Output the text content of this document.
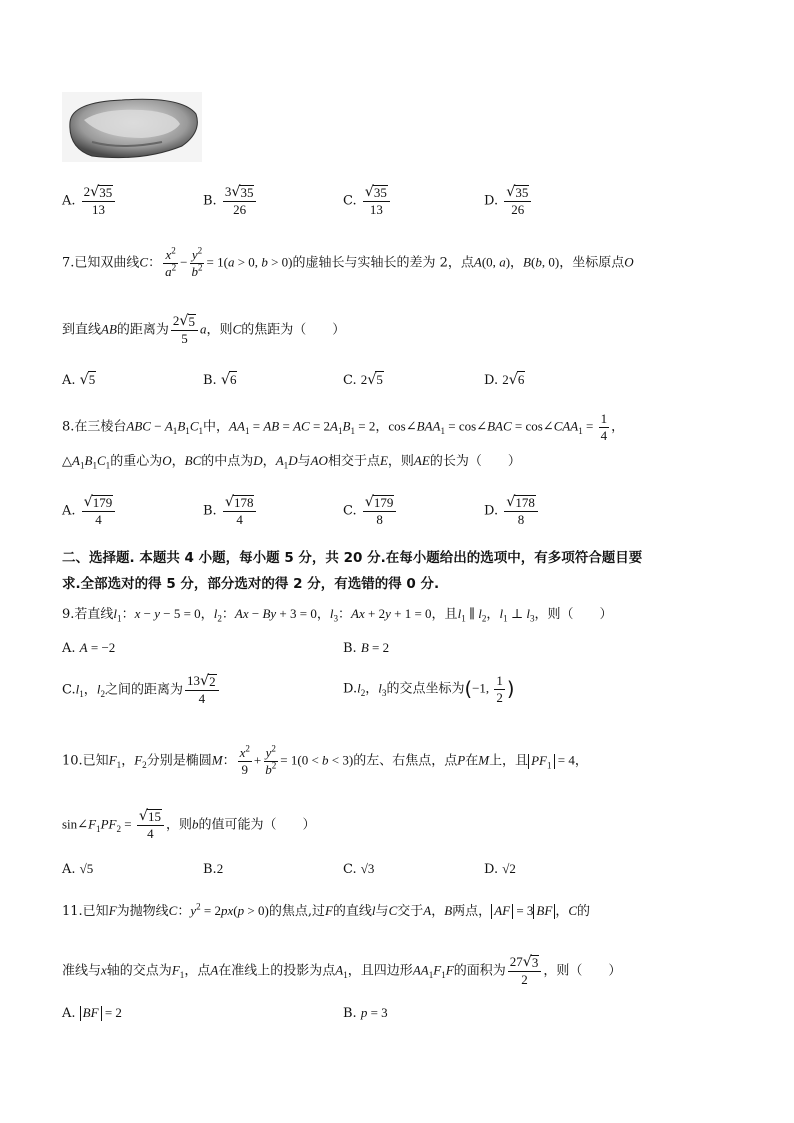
A. $\frac{2 √ 35}{13}$	B. $\frac{3 √ 35}{26}$	C. $\frac{√ 35}{13}$	D. $\frac{√ 35}{26}$
7.已知双曲线C： $\frac{x^2}{a^2} - \frac{y^2}{b^2} = 1(a > 0$, b > 0)的虚轴长与实轴长的差为 2，点A(0, a)，B(b, 0)，坐标原点O
到直线AB的距离为 $\frac{2 √ 5}{5}$ a，则C的焦距为（　　）
A. √ 5	B. √ 6	C. 2 √ 5	D. 2 √ 6
8.在三棱台ABC − $A_1B_1C_1$中，$AA_1$ = AB = AC = $2A_1B_1 = 2$，$\cos\angle BAA_1$ = cos∠BAC = $\cos\angle CAA_1 = \frac{1}{4}$ ，
$\triangle A_1B_1C_1$的重心为O，BC的中点为D，$A_1D$与AO相交于点E，则AE的长为（　　）
A. $\frac{√ 179}{4}$	B. $\frac{√ 178}{4}$	C. $\frac{√ 179}{8}$	D. $\frac{√ 178}{8}$
二、选择题. 本题共 4 小题，每小题 5 分，共 20 分.在每小题给出的选项中，有多项符合题目要
求.全部选对的得 5 分，部分选对的得 2 分，有选错的得 0 分.
9.若直线$l_1$：x − y − 5 = 0，$l_2$：Ax − By + 3 = 0，$l_3$：Ax + 2y + 1 = 0，且$l_1$ ∥ $l_2$，$l_1$ ⊥ $l_3$，则（　　）
A. A = −2	B. B = 2
$C.l_1$，$l_2$之间的距离为 $\frac{13 √ 2}{4}$	$D.l_2$，$l_3$的交点坐标为(−1, $\frac{1}{2}$ )
10.已知$F_1$，$F_2$分别是椭圆M： $\frac{x^2}{9} + \frac{y^2}{b^2} = 1(0 < b < 3)$的左、右焦点，点P在M上，且 $PF_1 = 4$，
$\sin\angle F_1PF_2 = \frac{√ 15}{4}$ ，则b的值可能为（　　）
A. √5	B.2	C. √3	D. √2
11.已知F为抛物线C：$y^2 = 2px(p > 0)$的焦点,过F的直线l与C交于A，B两点， AF = 3 BF ，C的
准线与x轴的交点为$F_1$，点A在准线上的投影为点$A_1$，且四边形$AA_1F_1F$的面积为 $\frac{27 √ 3}{2}$ ，则（　　）
A. BF = 2	B. p = 3
